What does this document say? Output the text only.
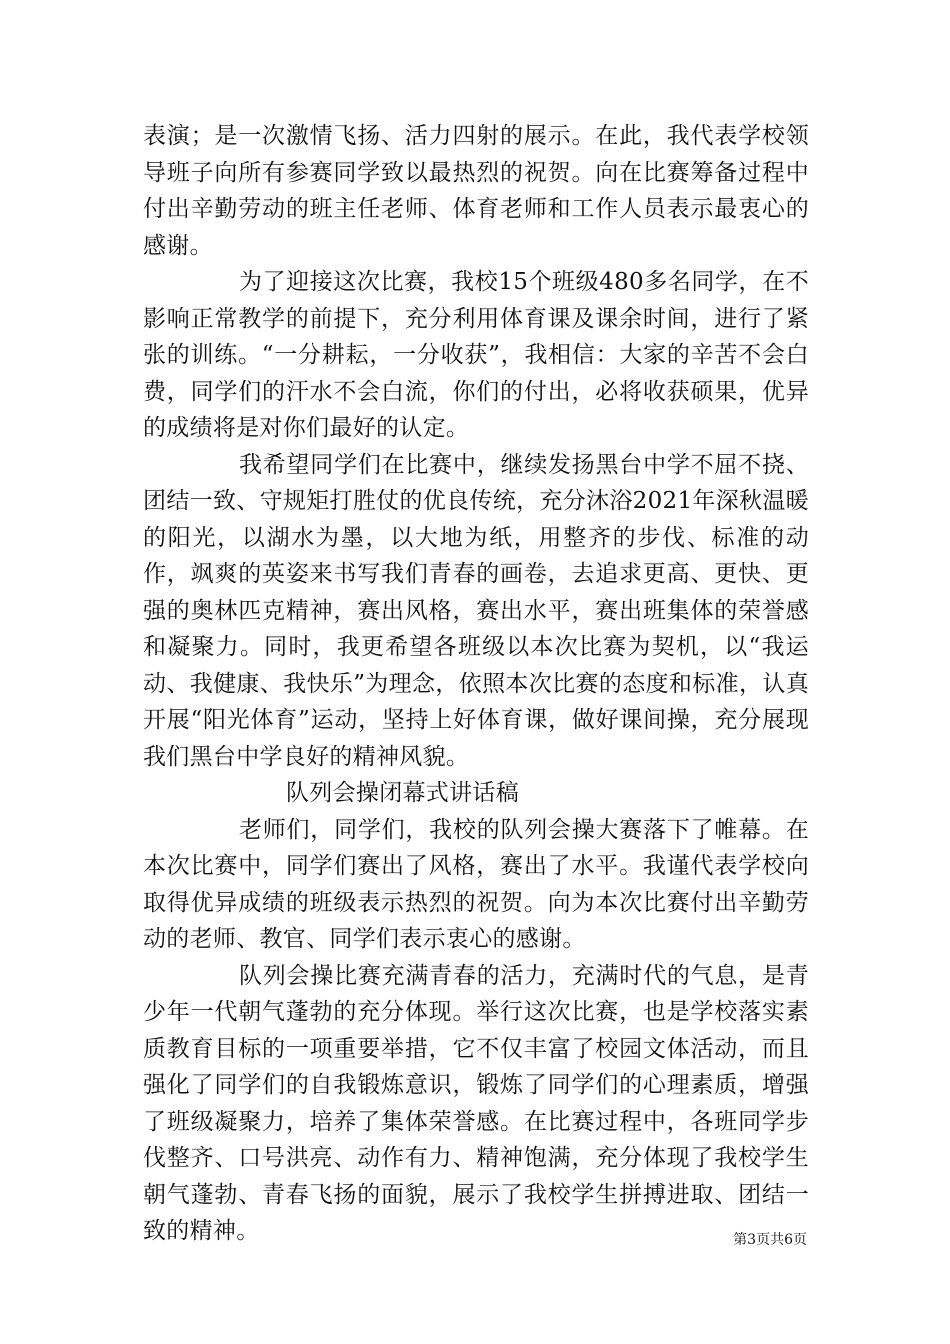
表演；是一次激情飞扬、活力四射的展示。在此，我代表学校领导班子向所有参赛同学致以最热烈的祝贺。向在比赛筹备过程中付出辛勤劳动的班主任老师、体育老师和工作人员表示最衷心的感谢。

为了迎接这次比赛，我校15个班级480多名同学，在不影响正常教学的前提下，充分利用体育课及课余时间，进行了紧张的训练。“一分耕耘，一分收获”，我相信：大家的辛苦不会白费，同学们的汗水不会白流，你们的付出，必将收获硕果，优异的成绩将是对你们最好的认定。

我希望同学们在比赛中，继续发扬黑台中学不屈不挠、团结一致、守规矩打胜仗的优良传统，充分沐浴2021年深秋温暖的阳光，以湖水为墨，以大地为纸，用整齐的步伐、标准的动作，飒爽的英姿来书写我们青春的画卷，去追求更高、更快、更强的奥林匹克精神，赛出风格，赛出水平，赛出班集体的荣誉感和凝聚力。同时，我更希望各班级以本次比赛为契机，以“我运动、我健康、我快乐”为理念，依照本次比赛的态度和标准，认真开展“阳光体育”运动，坚持上好体育课，做好课间操，充分展现我们黑台中学良好的精神风貌。

队列会操闭幕式讲话稿

老师们，同学们，我校的队列会操大赛落下了帷幕。在本次比赛中，同学们赛出了风格，赛出了水平。我谨代表学校向取得优异成绩的班级表示热烈的祝贺。向为本次比赛付出辛勤劳动的老师、教官、同学们表示衷心的感谢。

队列会操比赛充满青春的活力，充满时代的气息，是青少年一代朝气蓬勃的充分体现。举行这次比赛，也是学校落实素质教育目标的一项重要举措，它不仅丰富了校园文体活动，而且强化了同学们的自我锻炼意识，锻炼了同学们的心理素质，增强了班级凝聚力，培养了集体荣誉感。在比赛过程中，各班同学步伐整齐、口号洪亮、动作有力、精神饱满，充分体现了我校学生朝气蓬勃、青春飞扬的面貌，展示了我校学生拼搏进取、团结一致的精神。	第3页共6页
